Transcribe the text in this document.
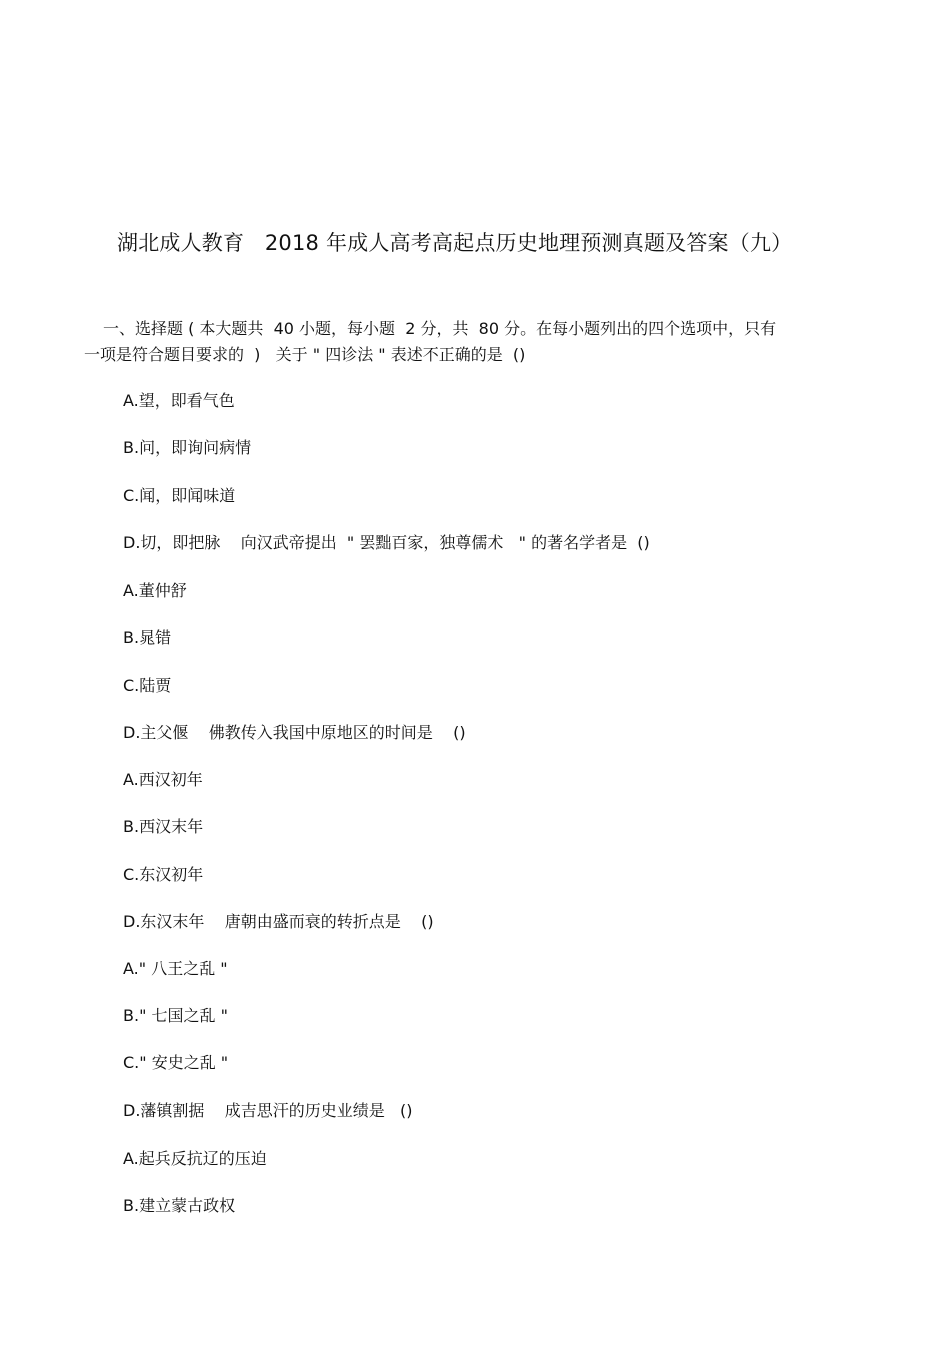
湖北成人教育   2018 年成人高考高起点历史地理预测真题及答案（九）
一、选择题 ( 本大题共  40 小题，每小题  2 分，共  80 分。在每小题列出的四个选项中，只有
一项是符合题目要求的  )   关于 " 四诊法 " 表述不正确的是  ()
A.望，即看气色
B.问，即询问病情
C.闻，即闻味道
D.切，即把脉    向汉武帝提出  " 罢黜百家，独尊儒术   " 的著名学者是  ()
A.董仲舒
B.晁错
C.陆贾
D.主父偃    佛教传入我国中原地区的时间是    ()
A.西汉初年
B.西汉末年
C.东汉初年
D.东汉末年    唐朝由盛而衰的转折点是    ()
A." 八王之乱 "
B." 七国之乱 "
C." 安史之乱 "
D.藩镇割据    成吉思汗的历史业绩是   ()
A.起兵反抗辽的压迫
B.建立蒙古政权
